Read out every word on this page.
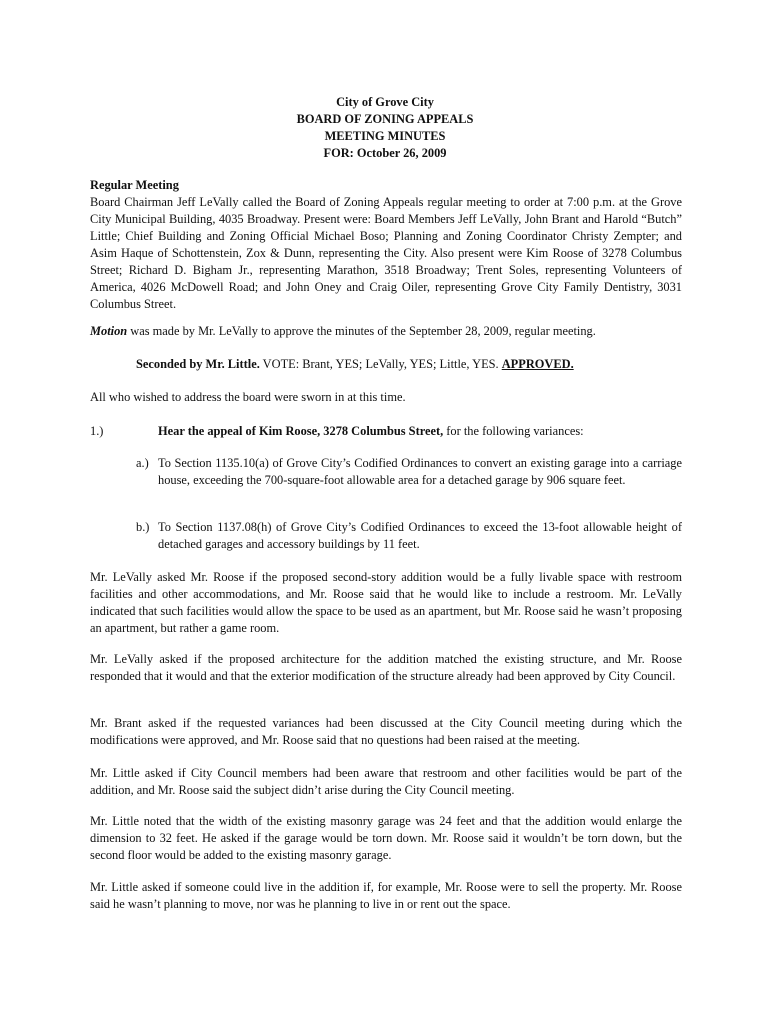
City of Grove City
BOARD OF ZONING APPEALS
MEETING MINUTES
FOR: October 26, 2009
Regular Meeting
Board Chairman Jeff LeVally called the Board of Zoning Appeals regular meeting to order at 7:00 p.m. at the Grove City Municipal Building, 4035 Broadway. Present were: Board Members Jeff LeVally, John Brant and Harold “Butch” Little; Chief Building and Zoning Official Michael Boso; Planning and Zoning Coordinator Christy Zempter; and Asim Haque of Schottenstein, Zox & Dunn, representing the City. Also present were Kim Roose of 3278 Columbus Street; Richard D. Bigham Jr., representing Marathon, 3518 Broadway; Trent Soles, representing Volunteers of America, 4026 McDowell Road; and John Oney and Craig Oiler, representing Grove City Family Dentistry, 3031 Columbus Street.
Motion was made by Mr. LeVally to approve the minutes of the September 28, 2009, regular meeting.
Seconded by Mr. Little. VOTE: Brant, YES; LeVally, YES; Little, YES. APPROVED.
All who wished to address the board were sworn in at this time.
1.)	Hear the appeal of Kim Roose, 3278 Columbus Street, for the following variances:
a.) To Section 1135.10(a) of Grove City’s Codified Ordinances to convert an existing garage into a carriage house, exceeding the 700-square-foot allowable area for a detached garage by 906 square feet.
b.) To Section 1137.08(h) of Grove City’s Codified Ordinances to exceed the 13-foot allowable height of detached garages and accessory buildings by 11 feet.
Mr. LeVally asked Mr. Roose if the proposed second-story addition would be a fully livable space with restroom facilities and other accommodations, and Mr. Roose said that he would like to include a restroom. Mr. LeVally indicated that such facilities would allow the space to be used as an apartment, but Mr. Roose said he wasn’t proposing an apartment, but rather a game room.
Mr. LeVally asked if the proposed architecture for the addition matched the existing structure, and Mr. Roose responded that it would and that the exterior modification of the structure already had been approved by City Council.
Mr. Brant asked if the requested variances had been discussed at the City Council meeting during which the modifications were approved, and Mr. Roose said that no questions had been raised at the meeting.
Mr. Little asked if City Council members had been aware that restroom and other facilities would be part of the addition, and Mr. Roose said the subject didn’t arise during the City Council meeting.
Mr. Little noted that the width of the existing masonry garage was 24 feet and that the addition would enlarge the dimension to 32 feet. He asked if the garage would be torn down. Mr. Roose said it wouldn’t be torn down, but the second floor would be added to the existing masonry garage.
Mr. Little asked if someone could live in the addition if, for example, Mr. Roose were to sell the property. Mr. Roose said he wasn’t planning to move, nor was he planning to live in or rent out the space.
